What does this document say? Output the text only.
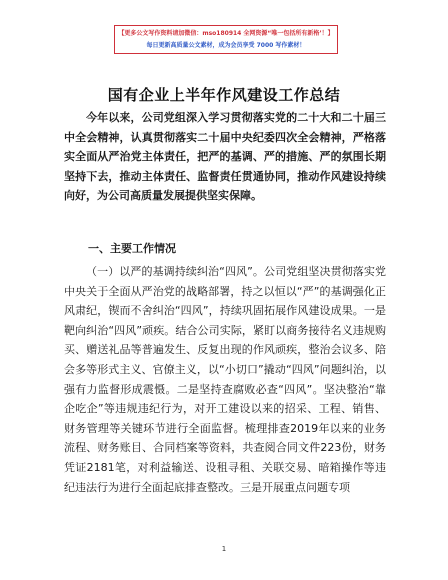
【更多公文写作资料请加微信：mso180914 全网资源“唯一包括所有新格’！】
每日更新高质量公文素材，成为会员享受 7000 写作素材！
国有企业上半年作风建设工作总结

今年以来，公司党组深入学习贯彻落实党的二十大和二十届三中全会精神，认真贯彻落实二十届中央纪委四次全会精神，严格落实全面从严治党主体责任，把严的基调、严的措施、严的氛围长期坚持下去，推动主体责任、监督责任贯通协同，推动作风建设持续向好，为公司高质量发展提供坚实保障。

一、主要工作情况

（一）以严的基调持续纠治“四风”。公司党组坚决贯彻落实党中央关于全面从严治党的战略部署，持之以恒以“严”的基调强化正风肃纪，锲而不舍纠治“四风”，持续巩固拓展作风建设成果。一是靶向纠治“四风”顽疾。结合公司实际，紧盯以商务接待名义违规购买、赠送礼品等普遍发生、反复出现的作风顽疾，整治会议多、陪会多等形式主义、官僚主义，以“小切口”撬动“四风”问题纠治，以强有力监督形成震慑。二是坚持查腐败必查“四风”。坚决整治“靠企吃企”等违规违纪行为，对开工建设以来的招采、工程、销售、财务管理等关键环节进行全面监督。梳理排查2019年以来的业务流程、财务账目、合同档案等资料，共查阅合同文件223份，财务凭证2181笔，对利益输送、设租寻租、关联交易、暗箱操作等违纪违法行为进行全面起底排查整改。三是开展重点问题专项

1
